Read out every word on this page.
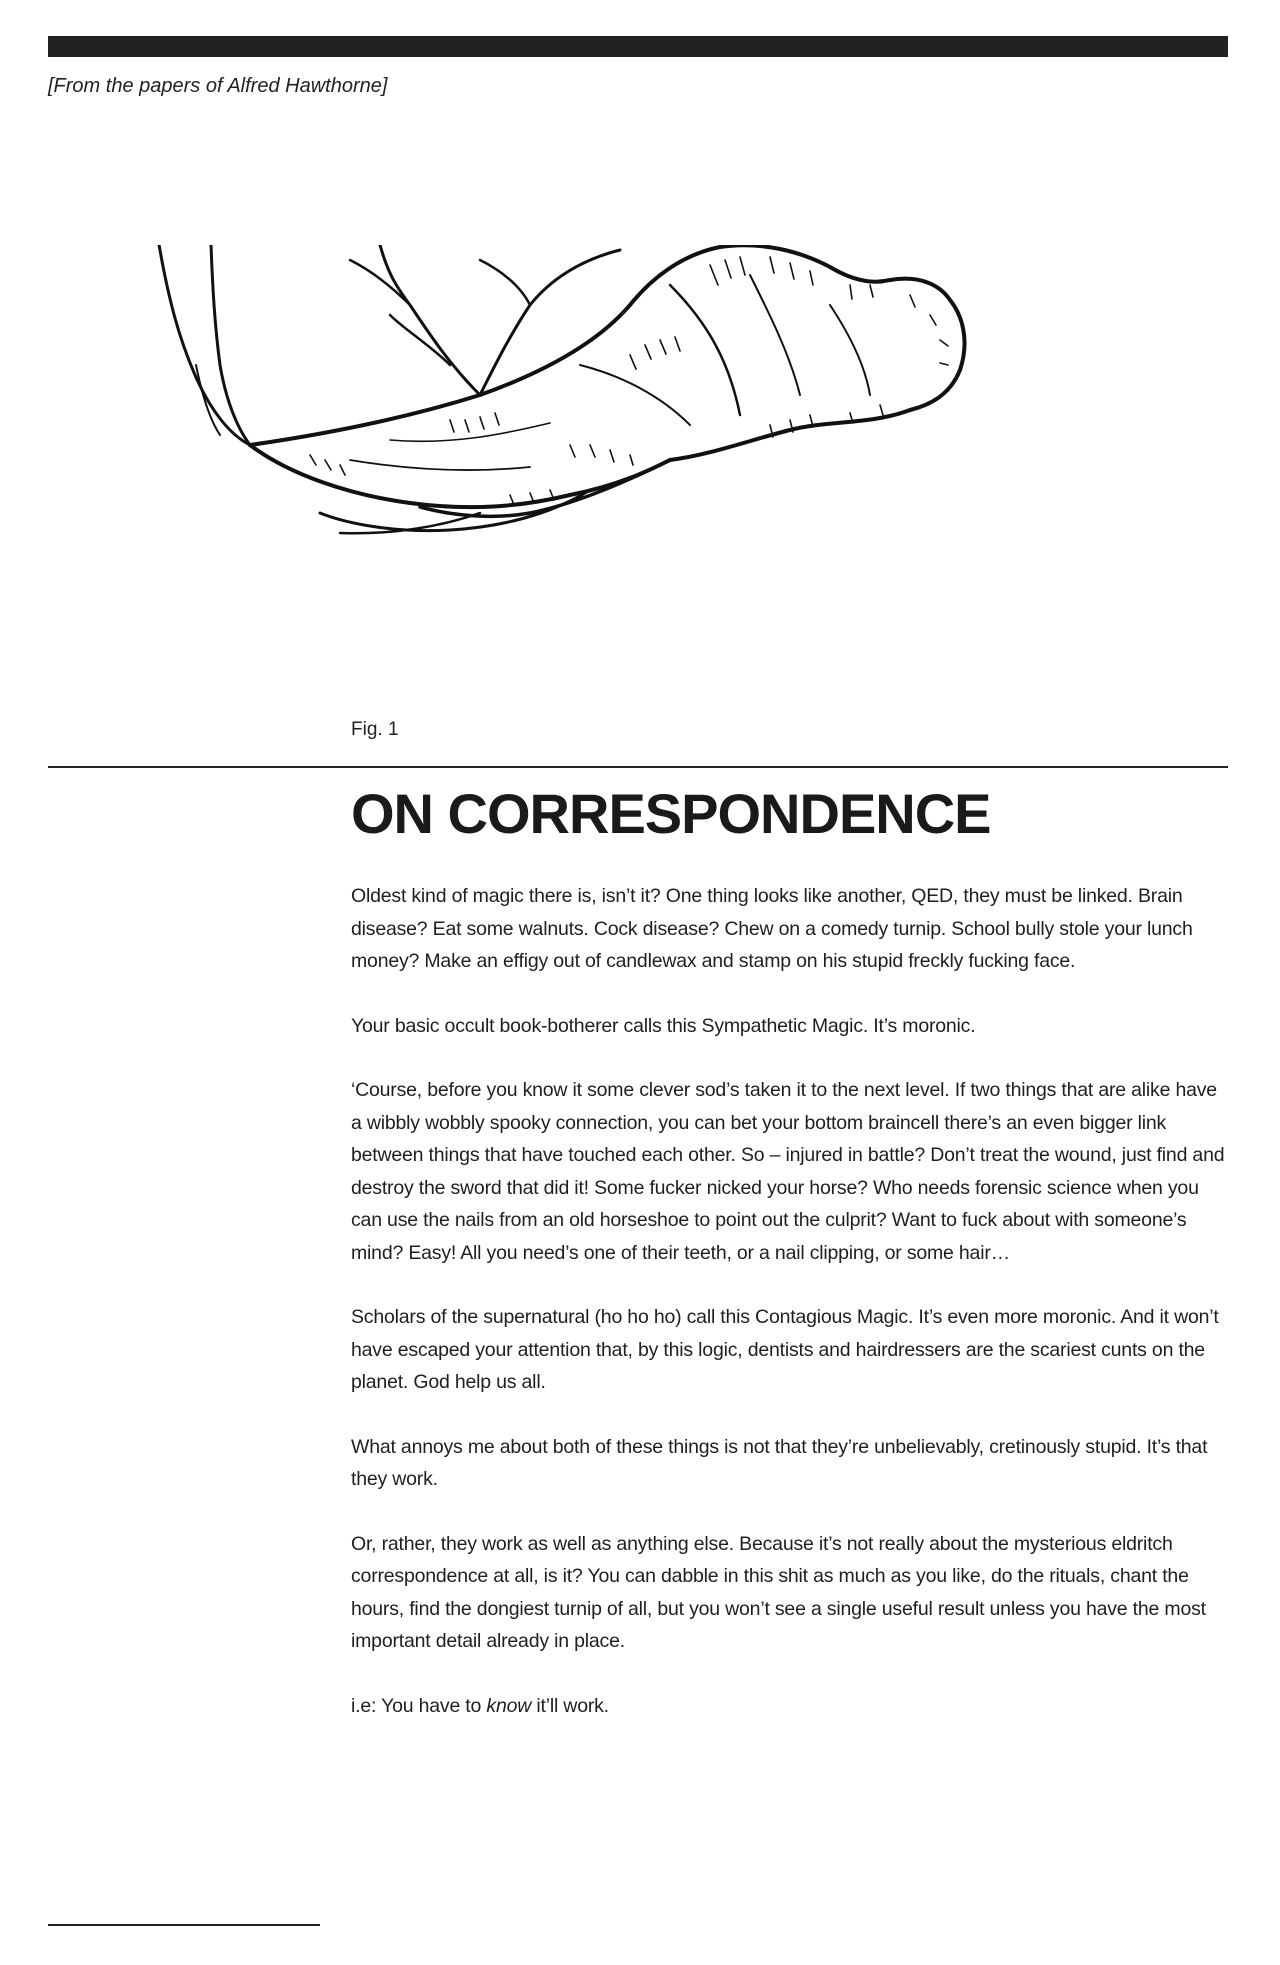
[From the papers of Alfred Hawthorne]
Fig. 1
ON CORRESPONDENCE

Oldest kind of magic there is, isn’t it? One thing looks like another, QED, they must be linked. Brain disease? Eat some walnuts. Cock disease? Chew on a comedy turnip. School bully stole your lunch money? Make an effigy out of candlewax and stamp on his stupid freckly fucking face.

Your basic occult book-botherer calls this Sympathetic Magic. It’s moronic.

‘Course, before you know it some clever sod’s taken it to the next level. If two things that are alike have a wibbly wobbly spooky connection, you can bet your bottom braincell there’s an even bigger link between things that have touched each other. So – injured in battle? Don’t treat the wound, just find and destroy the sword that did it! Some fucker nicked your horse? Who needs forensic science when you can use the nails from an old horseshoe to point out the culprit? Want to fuck about with someone’s mind? Easy! All you need’s one of their teeth, or a nail clipping, or some hair…

Scholars of the supernatural (ho ho ho) call this Contagious Magic. It’s even more moronic. And it won’t have escaped your attention that, by this logic, dentists and hairdressers are the scariest cunts on the planet. God help us all.

What annoys me about both of these things is not that they’re unbelievably, cretinously stupid. It’s that they work.

Or, rather, they work as well as anything else. Because it’s not really about the mysterious eldritch correspondence at all, is it? You can dabble in this shit as much as you like, do the rituals, chant the hours, find the dongiest turnip of all, but you won’t see a single useful result unless you have the most important detail already in place.

i.e: You have to know it’ll work.
